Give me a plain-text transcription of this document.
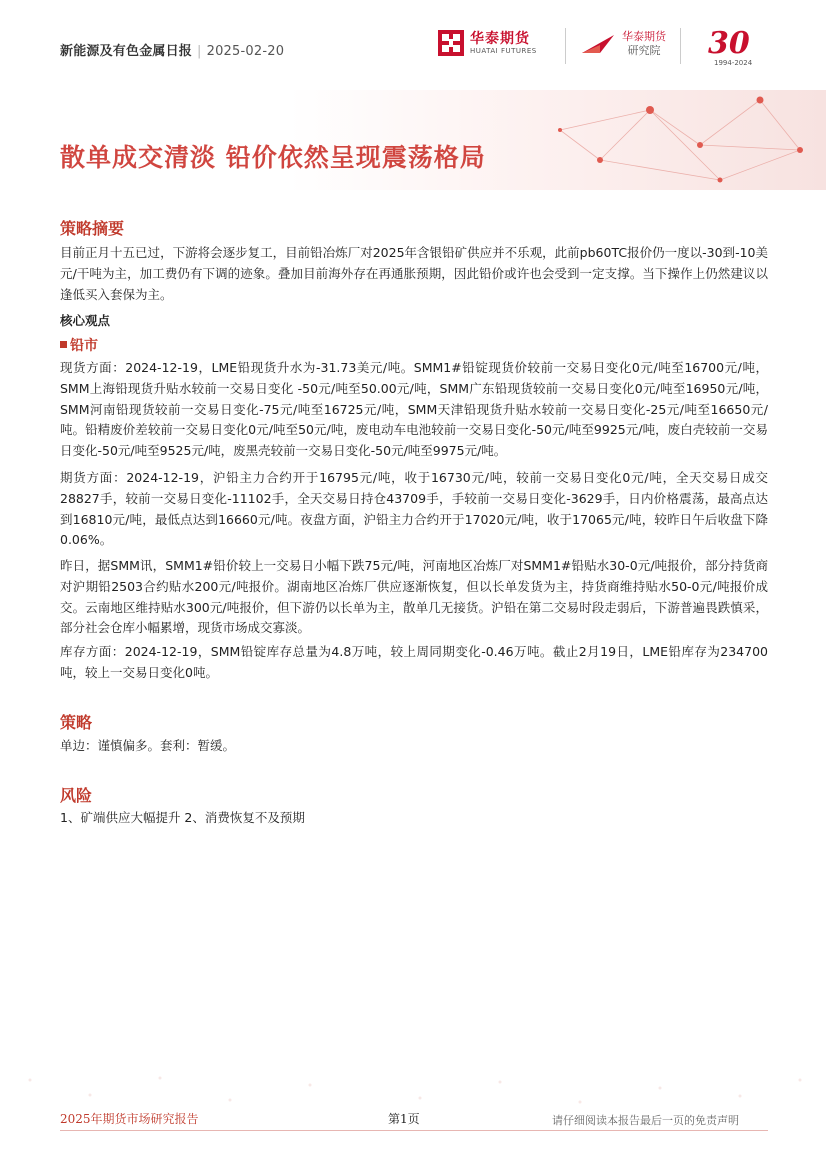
新能源及有色金属日报 | 2025-02-20
华泰期货
HUATAI FUTURES
华泰期货
研究院 30
1994-2024
散单成交清淡 铅价依然呈现震荡格局
策略摘要
目前正月十五已过，下游将会逐步复工，目前铅冶炼厂对2025年含银铅矿供应并不乐观，此前pb60TC报价仍一度以-30到-10美元/干吨为主，加工费仍有下调的迹象。叠加目前海外存在再通胀预期，因此铅价或许也会受到一定支撑。当下操作上仍然建议以逢低买入套保为主。
核心观点
铅市
现货方面：2024-12-19，LME铅现货升水为-31.73美元/吨。SMM1#铅锭现货价较前一交易日变化0元/吨至16700元/吨，SMM上海铅现货升贴水较前一交易日变化 -50元/吨至50.00元/吨，SMM广东铅现货较前一交易日变化0元/吨至16950元/吨，SMM河南铅现货较前一交易日变化-75元/吨至16725元/吨，SMM天津铅现货升贴水较前一交易日变化-25元/吨至16650元/吨。铅精废价差较前一交易日变化0元/吨至50元/吨，废电动车电池较前一交易日变化-50元/吨至9925元/吨，废白壳较前一交易日变化-50元/吨至9525元/吨，废黑壳较前一交易日变化-50元/吨至9975元/吨。
期货方面：2024-12-19，沪铅主力合约开于16795元/吨，收于16730元/吨，较前一交易日变化0元/吨，全天交易日成交28827手，较前一交易日变化-11102手，全天交易日持仓43709手，手较前一交易日变化-3629手，日内价格震荡，最高点达到16810元/吨，最低点达到16660元/吨。夜盘方面，沪铅主力合约开于17020元/吨，收于17065元/吨，较昨日午后收盘下降0.06%。
昨日，据SMM讯，SMM1#铅价较上一交易日小幅下跌75元/吨，河南地区冶炼厂对SMM1#铅贴水30-0元/吨报价，部分持货商对沪期铅2503合约贴水200元/吨报价。湖南地区冶炼厂供应逐渐恢复，但以长单发货为主，持货商维持贴水50-0元/吨报价成交。云南地区维持贴水300元/吨报价，但下游仍以长单为主，散单几无接货。沪铅在第二交易时段走弱后，下游普遍畏跌慎采，部分社会仓库小幅累增，现货市场成交寡淡。
库存方面：2024-12-19，SMM铅锭库存总量为4.8万吨，较上周同期变化-0.46万吨。截止2月19日，LME铅库存为234700吨，较上一交易日变化0吨。
策略
单边：谨慎偏多。套利：暂缓。
风险
1、矿端供应大幅提升 2、消费恢复不及预期
2025年期货市场研究报告	第1页	请仔细阅读本报告最后一页的免责声明
